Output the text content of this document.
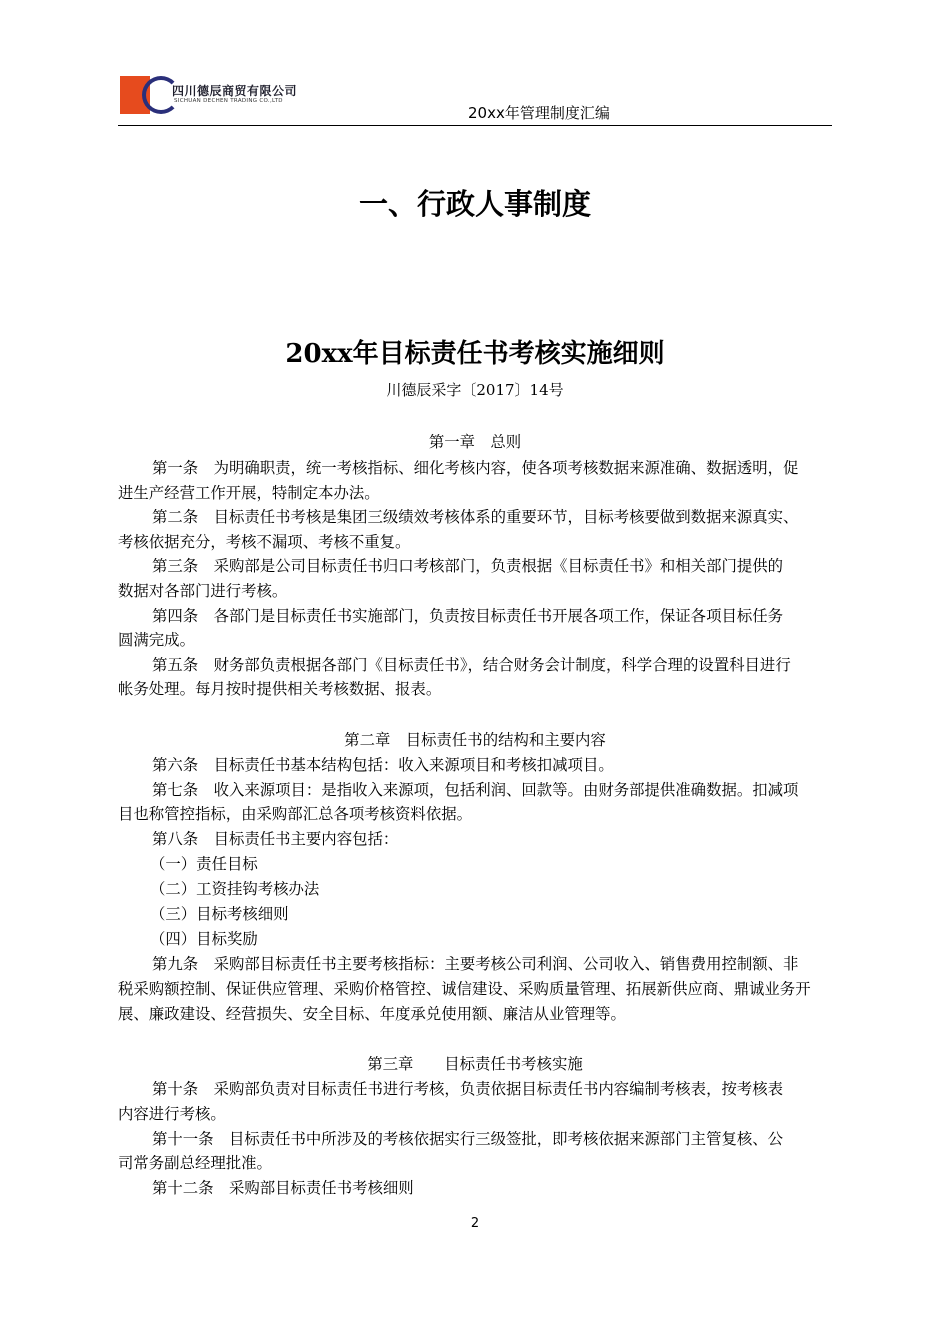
四川德辰商贸有限公司
SICHUAN DECHEN TRADING CO.,LTD
20xx年管理制度汇编
一、行政人事制度
20xx年目标责任书考核实施细则
川德辰采字〔2017〕14号
第一章　总则
第一条　为明确职责，统一考核指标、细化考核内容，使各项考核数据来源准确、数据透明，促
进生产经营工作开展，特制定本办法。
第二条　目标责任书考核是集团三级绩效考核体系的重要环节，目标考核要做到数据来源真实、
考核依据充分，考核不漏项、考核不重复。
第三条　采购部是公司目标责任书归口考核部门，负责根据《目标责任书》和相关部门提供的
数据对各部门进行考核。
第四条　各部门是目标责任书实施部门，负责按目标责任书开展各项工作，保证各项目标任务
圆满完成。
第五条　财务部负责根据各部门《目标责任书》，结合财务会计制度，科学合理的设置科目进行
帐务处理。每月按时提供相关考核数据、报表。
第二章　目标责任书的结构和主要内容
第六条　目标责任书基本结构包括：收入来源项目和考核扣减项目。
第七条　收入来源项目：是指收入来源项，包括利润、回款等。由财务部提供准确数据。扣减项
目也称管控指标，由采购部汇总各项考核资料依据。
第八条　目标责任书主要内容包括：
（一）责任目标
（二）工资挂钩考核办法
（三）目标考核细则
（四）目标奖励
第九条　采购部目标责任书主要考核指标：主要考核公司利润、公司收入、销售费用控制额、非
税采购额控制、保证供应管理、采购价格管控、诚信建设、采购质量管理、拓展新供应商、鼎诚业务开
展、廉政建设、经营损失、安全目标、年度承兑使用额、廉洁从业管理等。
第三章　　目标责任书考核实施
第十条　采购部负责对目标责任书进行考核，负责依据目标责任书内容编制考核表，按考核表
内容进行考核。
第十一条　目标责任书中所涉及的考核依据实行三级签批，即考核依据来源部门主管复核、公
司常务副总经理批准。
第十二条　采购部目标责任书考核细则
2
